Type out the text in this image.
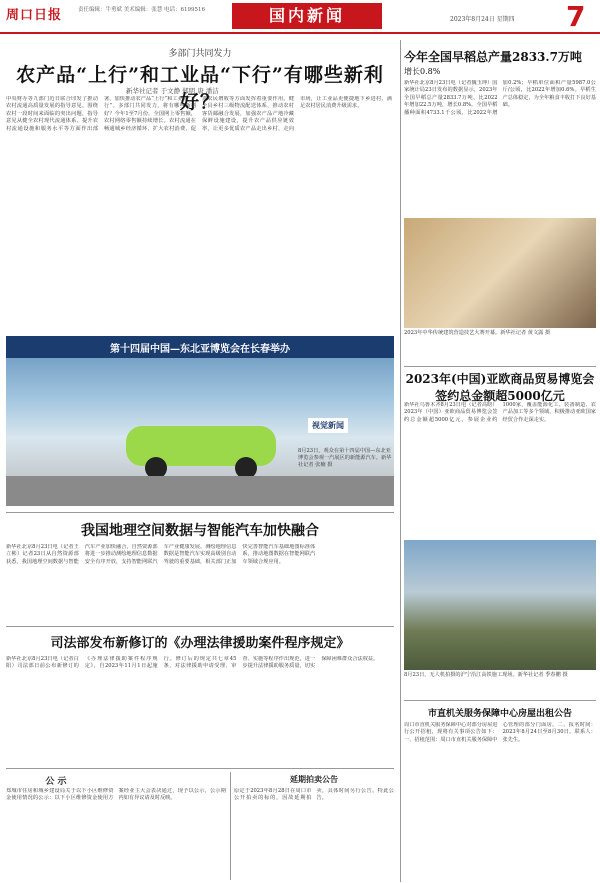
周口日报	责任编辑：牛勇斌 美术编辑：张慧 电话：6199516	国内新闻	2023年8月24日 星期四 7
多部门共同发力
农产品“上行”和工业品“下行”有哪些新利好？
新华社记者 于文静 郑明 唐 潘洁
中央财办等九部门近日联合印发了推动农村流通高质量发展的指导意见。围绕农村一段时间来面临的突出问题，指导意见从健全农村现代流通体系、提升农村流通设施和服务水平等方面作出部署，加快推动农产品“上行”和工业品“下行”。多部门共同发力，将有哪些新利好？今年1至7月份，全国网上零售额，农村网络零售额持续增长。农村流通在畅通城乡经济循环、扩大农村消费、促进农民增收等方面发挥着重要作用。健全县乡村三级物流配送体系，推动农村客货邮融合发展，加强农产品产地冷藏保鲜设施建设，提升农产品供应链效率，让更多优质农产品走出乡村、走向市场，让工业品更便捷地下乡进村，满足农村居民消费升级需求。
第十四届中国—东北亚博览会在长春举办
视觉新闻
8月23日，观众在第十四届中国—东北亚博览会参观一汽展区的新能源汽车。新华社记者 张楠 摄
我国地理空间数据与智能汽车加快融合
新华社北京8月23日电（记者王立彬）记者23日从自然资源部获悉，我国地理空间数据与智能汽车产业加快融合，自然资源部将进一步推动测绘地理信息数据安全有序开放，支持智能网联汽车产业健康发展。测绘地理信息数据是智能汽车实现高级别自动驾驶的重要基础，相关部门正加快完善智能汽车基础地图标准体系，推动地图数据在智能网联汽车领域合规应用。
司法部发布新修订的《办理法律援助案件程序规定》
新华社北京8月23日电（记者白阳）司法部日前公布新修订的《办理法律援助案件程序规定》，自2023年11月1日起施行。修订后的规定共七章45条，对法律援助申请受理、审查、实施等程序作出规范，进一步提升法律援助服务质量，切实保障困难群众合法权益。
公 示
郑城市住房和城乡建设局关于以下小区维修资金使用情况的公示：以下小区维修资金使用方案经业主大会表决通过，现予以公示，公示期内如有异议请及时反映。
延期拍卖公告
原定于2023年8月28日在周口市公开拍卖的标的，因故延期拍卖，具体时间另行公告。特此公告。
今年全国早稻总产量2833.7万吨
增长0.8%
新华社北京8月23日电（记者魏玉坤）国家统计局23日发布的数据显示，2023年全国早稻总产量2833.7万吨，比2022年增加22.5万吨，增长0.8%。全国早稻播种面积4733.1千公顷，比2022年增加0.2%；早稻单位面积产量5987.0公斤/公顷，比2022年增加0.6%。早稻生产总体稳定，为全年粮食丰收打下良好基础。
2023年中华传统建筑营造技艺大赛开幕。新华社记者 黄文露 摄
2023年(中国)亚欧商品贸易博览会签约总金额超5000亿元
新华社乌鲁木齐8月23日电（记者高晗）2023年（中国）亚欧商品贸易博览会签约总金额超5000亿元，参展企业约1000家，覆盖能源化工、装备制造、农产品加工等多个领域，积极推动亚欧国家经贸合作走深走实。
8月23日，无人机拍摄的沪宁沿江高铁施工现场。新华社记者 季春鹏 摄
市直机关服务保障中心房屋出租公告
周口市直机关服务保障中心对部分房屋进行公开招租，现将有关事项公告如下：一、招租范围：周口市直机关服务保障中心管理的部分门面房。二、报名时间：2023年8月24日至8月30日。联系人：张先生。
